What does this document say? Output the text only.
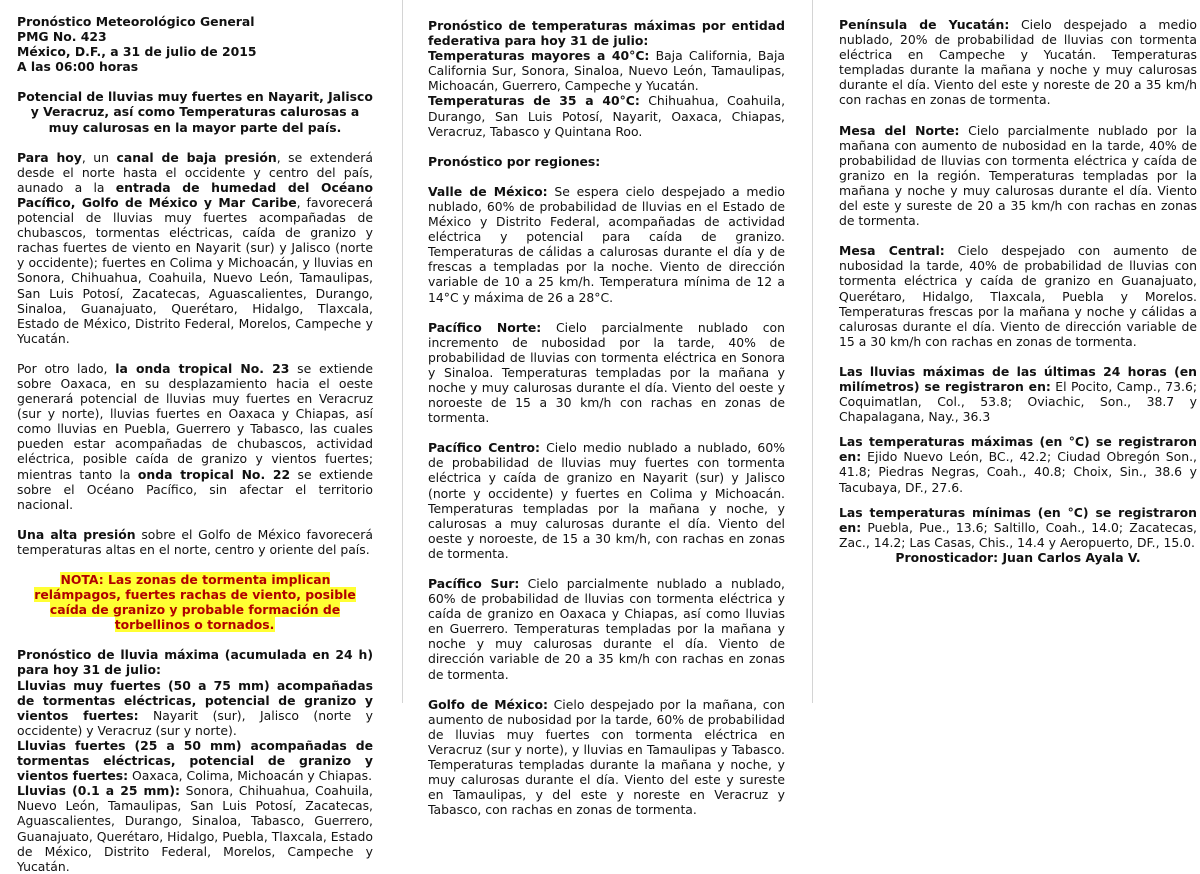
Pronóstico Meteorológico General

PMG No. 423

México, D.F., a 31 de julio de 2015

A las 06:00 horas

Potencial de lluvias muy fuertes en Nayarit, Jalisco y Veracruz, así como Temperaturas calurosas a muy calurosas en la mayor parte del país.

Para hoy, un canal de baja presión, se extenderá desde el norte hasta el occidente y centro del país, aunado a la entrada de humedad del Océano Pacífico, Golfo de México y Mar Caribe, favorecerá potencial de lluvias muy fuertes acompañadas de chubascos, tormentas eléctricas, caída de granizo y rachas fuertes de viento en Nayarit (sur) y Jalisco (norte y occidente); fuertes en Colima y Michoacán, y lluvias en Sonora, Chihuahua, Coahuila, Nuevo León, Tamaulipas, San Luis Potosí, Zacatecas, Aguascalientes, Durango, Sinaloa, Guanajuato, Querétaro, Hidalgo, Tlaxcala, Estado de México, Distrito Federal, Morelos, Campeche y Yucatán.

Por otro lado, la onda tropical No. 23 se extiende sobre Oaxaca, en su desplazamiento hacia el oeste generará potencial de lluvias muy fuertes en Veracruz (sur y norte), lluvias fuertes en Oaxaca y Chiapas, así como lluvias en Puebla, Guerrero y Tabasco, las cuales pueden estar acompañadas de chubascos, actividad eléctrica, posible caída de granizo y vientos fuertes; mientras tanto la onda tropical No. 22 se extiende sobre el Océano Pacífico, sin afectar el territorio nacional.

Una alta presión sobre el Golfo de México favorecerá temperaturas altas en el norte, centro y oriente del país.

NOTA: Las zonas de tormenta implican relámpagos, fuertes rachas de viento, posible caída de granizo y probable formación de torbellinos o tornados.

Pronóstico de lluvia máxima (acumulada en 24 h) para hoy 31 de julio:

Lluvias muy fuertes (50 a 75 mm) acompañadas de tormentas eléctricas, potencial de granizo y vientos fuertes: Nayarit (sur), Jalisco (norte y occidente) y Veracruz (sur y norte).

Lluvias fuertes (25 a 50 mm) acompañadas de tormentas eléctricas, potencial de granizo y vientos fuertes: Oaxaca, Colima, Michoacán y Chiapas.

Lluvias (0.1 a 25 mm): Sonora, Chihuahua, Coahuila, Nuevo León, Tamaulipas, San Luis Potosí, Zacatecas, Aguascalientes, Durango, Sinaloa, Tabasco, Guerrero, Guanajuato, Querétaro, Hidalgo, Puebla, Tlaxcala, Estado de México, Distrito Federal, Morelos, Campeche y Yucatán.

Pronóstico de temperaturas máximas por entidad federativa para hoy 31 de julio:

Temperaturas mayores a 40°C: Baja California, Baja California Sur, Sonora, Sinaloa, Nuevo León, Tamaulipas, Michoacán, Guerrero, Campeche y Yucatán.

Temperaturas de 35 a 40°C: Chihuahua, Coahuila, Durango, San Luis Potosí, Nayarit, Oaxaca, Chiapas, Veracruz, Tabasco y Quintana Roo.

Pronóstico por regiones:

Valle de México: Se espera cielo despejado a medio nublado, 60% de probabilidad de lluvias en el Estado de México y Distrito Federal, acompañadas de actividad eléctrica y potencial para caída de granizo. Temperaturas de cálidas a calurosas durante el día y de frescas a templadas por la noche. Viento de dirección variable de 10 a 25 km/h. Temperatura mínima de 12 a 14°C y máxima de 26 a 28°C.

Pacífico Norte: Cielo parcialmente nublado con incremento de nubosidad por la tarde, 40% de probabilidad de lluvias con tormenta eléctrica en Sonora y Sinaloa. Temperaturas templadas por la mañana y noche y muy calurosas durante el día. Viento del oeste y noroeste de 15 a 30 km/h con rachas en zonas de tormenta.

Pacífico Centro: Cielo medio nublado a nublado, 60% de probabilidad de lluvias muy fuertes con tormenta eléctrica y caída de granizo en Nayarit (sur) y Jalisco (norte y occidente) y fuertes en Colima y Michoacán. Temperaturas templadas por la mañana y noche, y calurosas a muy calurosas durante el día. Viento del oeste y noroeste, de 15 a 30 km/h, con rachas en zonas de tormenta.

Pacífico Sur: Cielo parcialmente nublado a nublado, 60% de probabilidad de lluvias con tormenta eléctrica y caída de granizo en Oaxaca y Chiapas, así como lluvias en Guerrero. Temperaturas templadas por la mañana y noche y muy calurosas durante el día. Viento de dirección variable de 20 a 35 km/h con rachas en zonas de tormenta.

Golfo de México: Cielo despejado por la mañana, con aumento de nubosidad por la tarde, 60% de probabilidad de lluvias muy fuertes con tormenta eléctrica en Veracruz (sur y norte), y lluvias en Tamaulipas y Tabasco. Temperaturas templadas durante la mañana y noche, y muy calurosas durante el día. Viento del este y sureste en Tamaulipas, y del este y noreste en Veracruz y Tabasco, con rachas en zonas de tormenta.

Península de Yucatán: Cielo despejado a medio nublado, 20% de probabilidad de lluvias con tormenta eléctrica en Campeche y Yucatán. Temperaturas templadas durante la mañana y noche y muy calurosas durante el día. Viento del este y noreste de 20 a 35 km/h con rachas en zonas de tormenta.

Mesa del Norte: Cielo parcialmente nublado por la mañana con aumento de nubosidad en la tarde, 40% de probabilidad de lluvias con tormenta eléctrica y caída de granizo en la región. Temperaturas templadas por la mañana y noche y muy calurosas durante el día. Viento del este y sureste de 20 a 35 km/h con rachas en zonas de tormenta.

Mesa Central: Cielo despejado con aumento de nubosidad la tarde, 40% de probabilidad de lluvias con tormenta eléctrica y caída de granizo en Guanajuato, Querétaro, Hidalgo, Tlaxcala, Puebla y Morelos. Temperaturas frescas por la mañana y noche y cálidas a calurosas durante el día. Viento de dirección variable de 15 a 30 km/h con rachas en zonas de tormenta.

Las lluvias máximas de las últimas 24 horas (en milímetros) se registraron en: El Pocito, Camp., 73.6; Coquimatlan, Col., 53.8; Oviachic, Son., 38.7 y Chapalagana, Nay., 36.3

Las temperaturas máximas (en °C) se registraron en: Ejido Nuevo León, BC., 42.2; Ciudad Obregón Son., 41.8; Piedras Negras, Coah., 40.8; Choix, Sin., 38.6 y Tacubaya, DF., 27.6.

Las temperaturas mínimas (en °C) se registraron en: Puebla, Pue., 13.6; Saltillo, Coah., 14.0; Zacatecas, Zac., 14.2; Las Casas, Chis., 14.4 y Aeropuerto, DF., 15.0.

Pronosticador: Juan Carlos Ayala V.
